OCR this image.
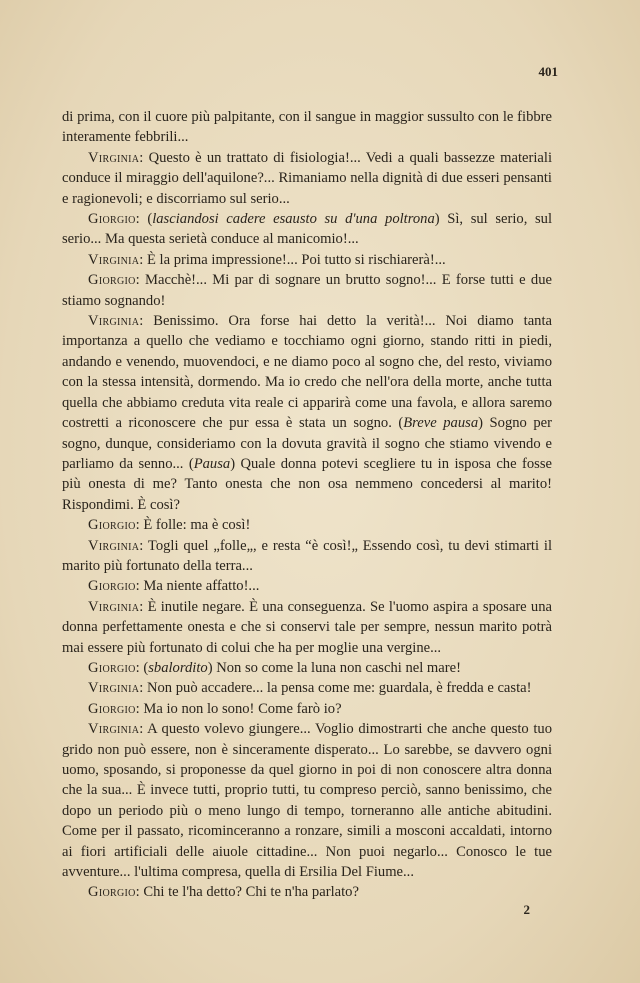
401

di prima, con il cuore più palpitante, con il sangue in maggior sussulto con le fibbre interamente febbrili...

Virginia: Questo è un trattato di fisiologia!... Vedi a quali bassezze materiali conduce il miraggio dell'aquilone?... Rimaniamo nella dignità di due esseri pensanti e ragionevoli; e discorriamo sul serio...

Giorgio: (lasciandosi cadere esausto su d'una poltrona) Sì, sul serio, sul serio... Ma questa serietà conduce al manicomio!...

Virginia: È la prima impressione!... Poi tutto si rischiarerà!...

Giorgio: Macchè!... Mi par di sognare un brutto sogno!... E forse tutti e due stiamo sognando!

Virginia: Benissimo. Ora forse hai detto la verità!... Noi diamo tanta importanza a quello che vediamo e tocchiamo ogni giorno, stando ritti in piedi, andando e venendo, muovendoci, e ne diamo poco al sogno che, del resto, viviamo con la stessa intensità, dormendo. Ma io credo che nell'ora della morte, anche tutta quella che abbiamo creduta vita reale ci apparirà come una favola, e allora saremo costretti a riconoscere che pur essa è stata un sogno. (Breve pausa) Sogno per sogno, dunque, consideriamo con la dovuta gravità il sogno che stiamo vivendo e parliamo da senno... (Pausa) Quale donna potevi scegliere tu in isposa che fosse più onesta di me? Tanto onesta che non osa nemmeno concedersi al marito! Rispondimi. È così?

Giorgio: È folle: ma è così!

Virginia: Togli quel „folle„, e resta “è così!„ Essendo così, tu devi stimarti il marito più fortunato della terra...

Giorgio: Ma niente affatto!...

Virginia: È inutile negare. È una conseguenza. Se l'uomo aspira a sposare una donna perfettamente onesta e che si conservi tale per sempre, nessun marito potrà mai essere più fortunato di colui che ha per moglie una vergine...

Giorgio: (sbalordito) Non so come la luna non caschi nel mare!

Virginia: Non può accadere... la pensa come me: guardala, è fredda e casta!

Giorgio: Ma io non lo sono! Come farò io?

Virginia: A questo volevo giungere... Voglio dimostrarti che anche questo tuo grido non può essere, non è sinceramente disperato... Lo sarebbe, se davvero ogni uomo, sposando, si proponesse da quel giorno in poi di non conoscere altra donna che la sua... È invece tutti, proprio tutti, tu compreso perciò, sanno benissimo, che dopo un periodo più o meno lungo di tempo, torneranno alle antiche abitudini. Come per il passato, ricominceranno a ronzare, simili a mosconi accaldati, intorno ai fiori artificiali delle aiuole cittadine... Non puoi negarlo... Conosco le tue avventure... l'ultima compresa, quella di Ersilia Del Fiume...

Giorgio: Chi te l'ha detto? Chi te n'ha parlato?

2
